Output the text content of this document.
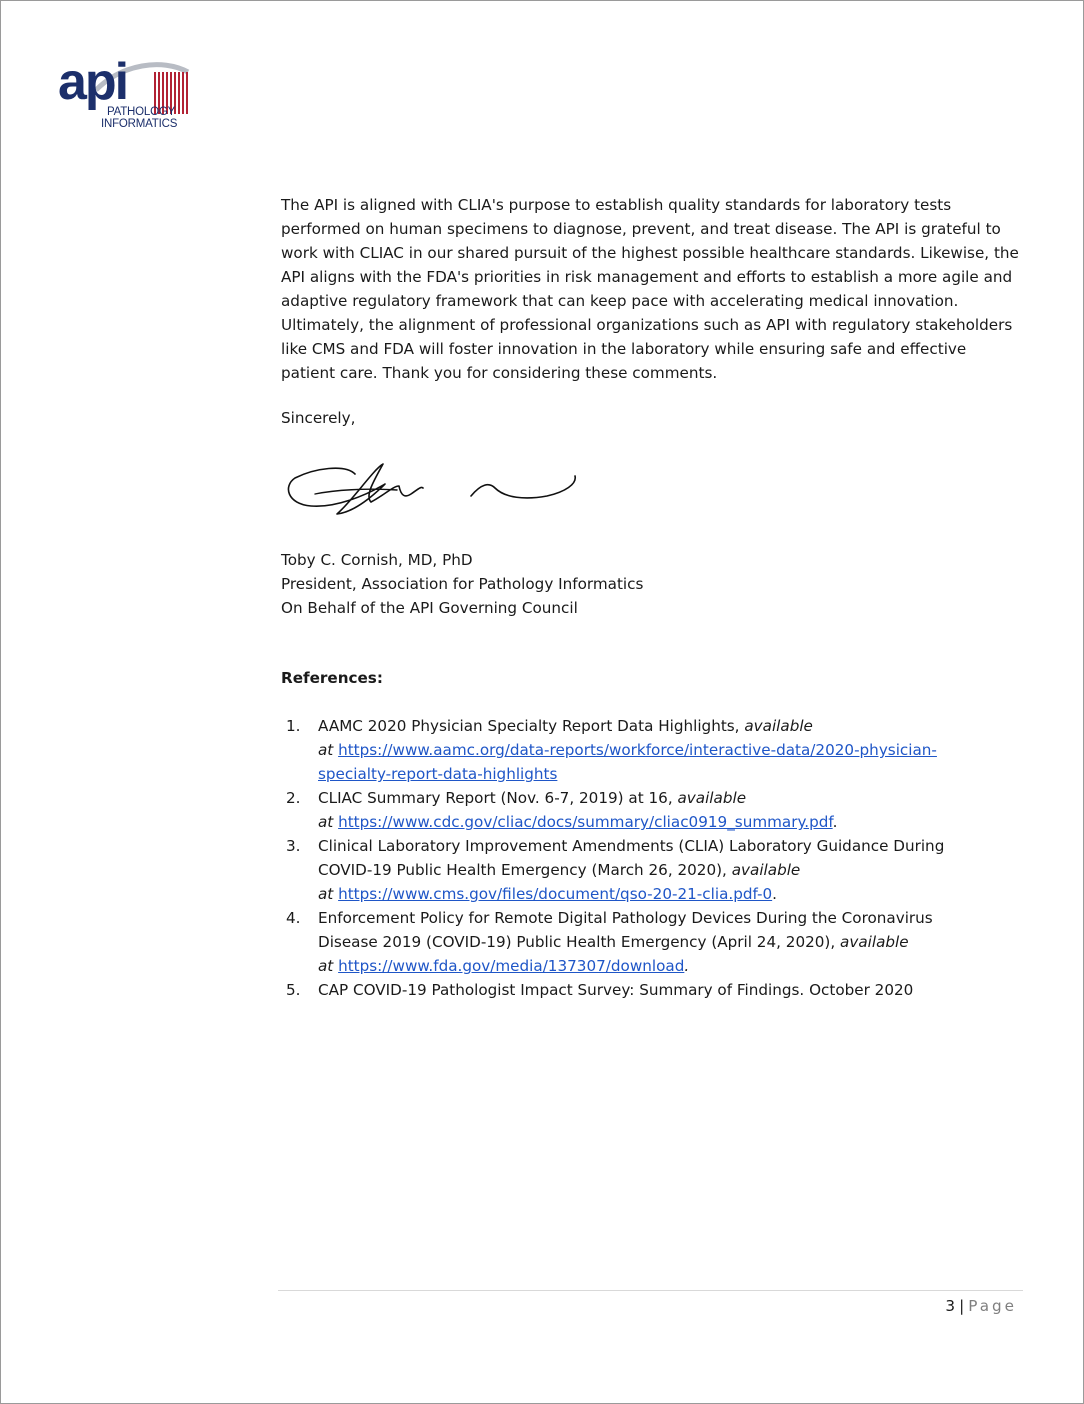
api
PATHOLOGY
INFORMATICS

The API is aligned with CLIA's purpose to establish quality standards for laboratory tests performed on human specimens to diagnose, prevent, and treat disease. The API is grateful to work with CLIAC in our shared pursuit of the highest possible healthcare standards. Likewise, the API aligns with the FDA's priorities in risk management and efforts to establish a more agile and adaptive regulatory framework that can keep pace with accelerating medical innovation. Ultimately, the alignment of professional organizations such as API with regulatory stakeholders like CMS and FDA will foster innovation in the laboratory while ensuring safe and effective patient care. Thank you for considering these comments.

Sincerely,
Toby C. Cornish, MD, PhD
President, Association for Pathology Informatics
On Behalf of the API Governing Council
References:
1. AAMC 2020 Physician Specialty Report Data Highlights, available
at https://www.aamc.org/data-reports/workforce/interactive-data/2020-physician-
specialty-report-data-highlights
2. CLIAC Summary Report (Nov. 6-7, 2019) at 16, available
at https://www.cdc.gov/cliac/docs/summary/cliac0919_summary.pdf.
3. Clinical Laboratory Improvement Amendments (CLIA) Laboratory Guidance During
COVID-19 Public Health Emergency (March 26, 2020), available
at https://www.cms.gov/files/document/qso-20-21-clia.pdf-0.
4. Enforcement Policy for Remote Digital Pathology Devices During the Coronavirus
Disease 2019 (COVID-19) Public Health Emergency (April 24, 2020), available
at https://www.fda.gov/media/137307/download.
5. CAP COVID-19 Pathologist Impact Survey: Summary of Findings. October 2020
3 | Page
